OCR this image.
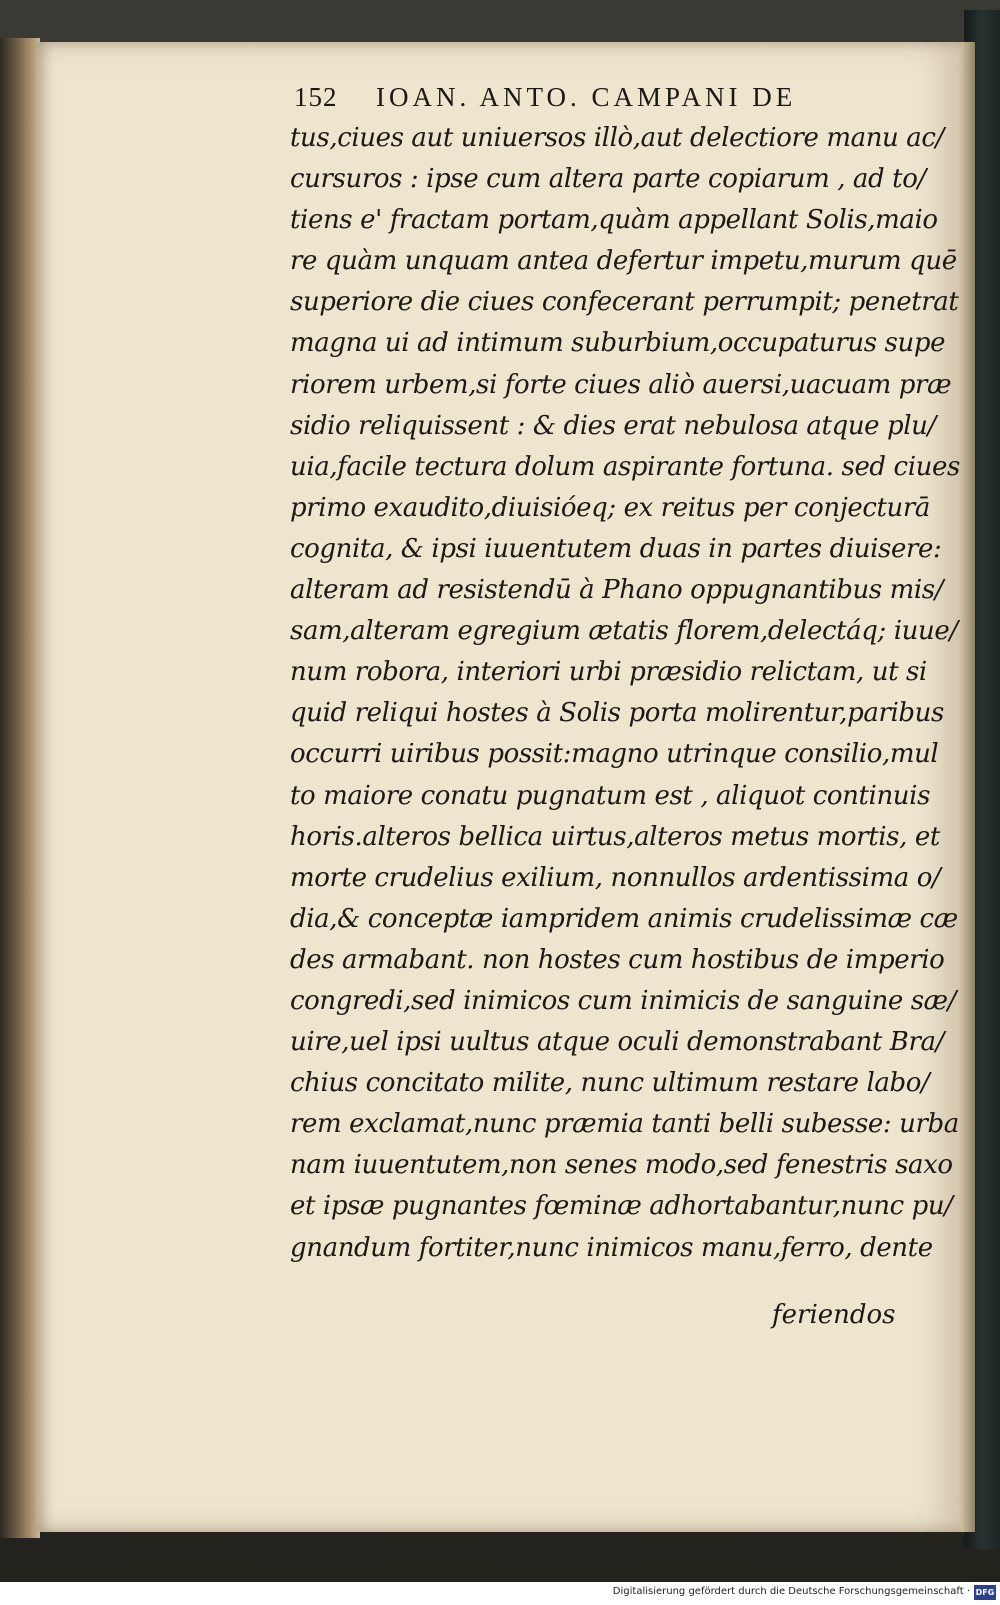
152 IOAN. ANTO. CAMPANI DE
tus,ciues aut uniuersos illò,aut delectiore manu ac/
cursuros : ipse cum altera parte copiarum , ad to/
tiens e' fractam portam,quàm appellant Solis,maio
re quàm unquam antea defertur impetu,murum quē
superiore die ciues confecerant perrumpit; penetrat
magna ui ad intimum suburbium,occupaturus supe
riorem urbem,si forte ciues aliò auersi,uacuam præ
sidio reliquissent : & dies erat nebulosa atque plu/
uia,facile tectura dolum aspirante fortuna. sed ciues
primo exaudito,diuisióeq; ex reitus per conjecturā
cognita, & ipsi iuuentutem duas in partes diuisere:
alteram ad resistendū à Phano oppugnantibus mis/
sam,alteram egregium ætatis florem,delectáq; iuue/
num robora, interiori urbi præsidio relictam, ut si
quid reliqui hostes à Solis porta molirentur,paribus
occurri uiribus possit:magno utrinque consilio,mul
to maiore conatu pugnatum est , aliquot continuis
horis.alteros bellica uirtus,alteros metus mortis, et
morte crudelius exilium, nonnullos ardentissima o/
dia,& conceptæ iampridem animis crudelissimæ cæ
des armabant. non hostes cum hostibus de imperio
congredi,sed inimicos cum inimicis de sanguine sæ/
uire,uel ipsi uultus atque oculi demonstrabant Bra/
chius concitato milite, nunc ultimum restare labo/
rem exclamat,nunc præmia tanti belli subesse: urba
nam iuuentutem,non senes modo,sed fenestris saxo
et ipsæ pugnantes fœminæ adhortabantur,nunc pu/
gnandum fortiter,nunc inimicos manu,ferro, dente
feriendos
Digitalisierung gefördert durch die Deutsche Forschungsgemeinschaft · DFG
